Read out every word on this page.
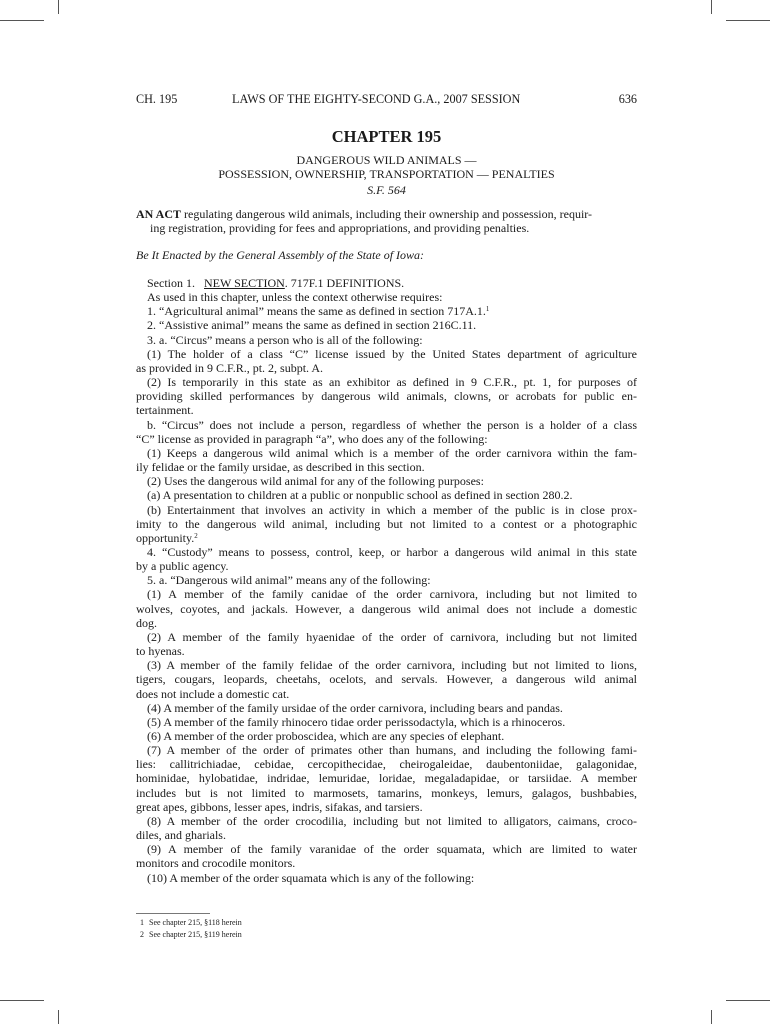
CH. 195	LAWS OF THE EIGHTY-SECOND G.A., 2007 SESSION	636
CHAPTER 195
DANGEROUS WILD ANIMALS —
POSSESSION, OWNERSHIP, TRANSPORTATION — PENALTIES
S.F. 564
AN ACT regulating dangerous wild animals, including their ownership and possession, requir-
ing registration, providing for fees and appropriations, and providing penalties.
Be It Enacted by the General Assembly of the State of Iowa:
Section 1. NEW SECTION. 717F.1 DEFINITIONS.
As used in this chapter, unless the context otherwise requires:
1. “Agricultural animal” means the same as defined in section 717A.1.$^1$
2. “Assistive animal” means the same as defined in section 216C.11.
3. a. “Circus” means a person who is all of the following:
(1) The holder of a class “C” license issued by the United States department of agriculture
as provided in 9 C.F.R., pt. 2, subpt. A.
(2) Is temporarily in this state as an exhibitor as defined in 9 C.F.R., pt. 1, for purposes of
providing skilled performances by dangerous wild animals, clowns, or acrobats for public en-
tertainment.
b. “Circus” does not include a person, regardless of whether the person is a holder of a class
“C” license as provided in paragraph “a”, who does any of the following:
(1) Keeps a dangerous wild animal which is a member of the order carnivora within the fam-
ily felidae or the family ursidae, as described in this section.
(2) Uses the dangerous wild animal for any of the following purposes:
(a) A presentation to children at a public or nonpublic school as defined in section 280.2.
(b) Entertainment that involves an activity in which a member of the public is in close prox-
imity to the dangerous wild animal, including but not limited to a contest or a photographic
opportunity.$^2$
4. “Custody” means to possess, control, keep, or harbor a dangerous wild animal in this state
by a public agency.
5. a. “Dangerous wild animal” means any of the following:
(1) A member of the family canidae of the order carnivora, including but not limited to
wolves, coyotes, and jackals. However, a dangerous wild animal does not include a domestic
dog.
(2) A member of the family hyaenidae of the order of carnivora, including but not limited
to hyenas.
(3) A member of the family felidae of the order carnivora, including but not limited to lions,
tigers, cougars, leopards, cheetahs, ocelots, and servals. However, a dangerous wild animal
does not include a domestic cat.
(4) A member of the family ursidae of the order carnivora, including bears and pandas.
(5) A member of the family rhinocero tidae order perissodactyla, which is a rhinoceros.
(6) A member of the order proboscidea, which are any species of elephant.
(7) A member of the order of primates other than humans, and including the following fami-
lies: callitrichiadae, cebidae, cercopithecidae, cheirogaleidae, daubentoniidae, galagonidae,
hominidae, hylobatidae, indridae, lemuridae, loridae, megaladapidae, or tarsiidae. A member
includes but is not limited to marmosets, tamarins, monkeys, lemurs, galagos, bushbabies,
great apes, gibbons, lesser apes, indris, sifakas, and tarsiers.
(8) A member of the order crocodilia, including but not limited to alligators, caimans, croco-
diles, and gharials.
(9) A member of the family varanidae of the order squamata, which are limited to water
monitors and crocodile monitors.
(10) A member of the order squamata which is any of the following:
1 See chapter 215, §118 herein
2 See chapter 215, §119 herein
